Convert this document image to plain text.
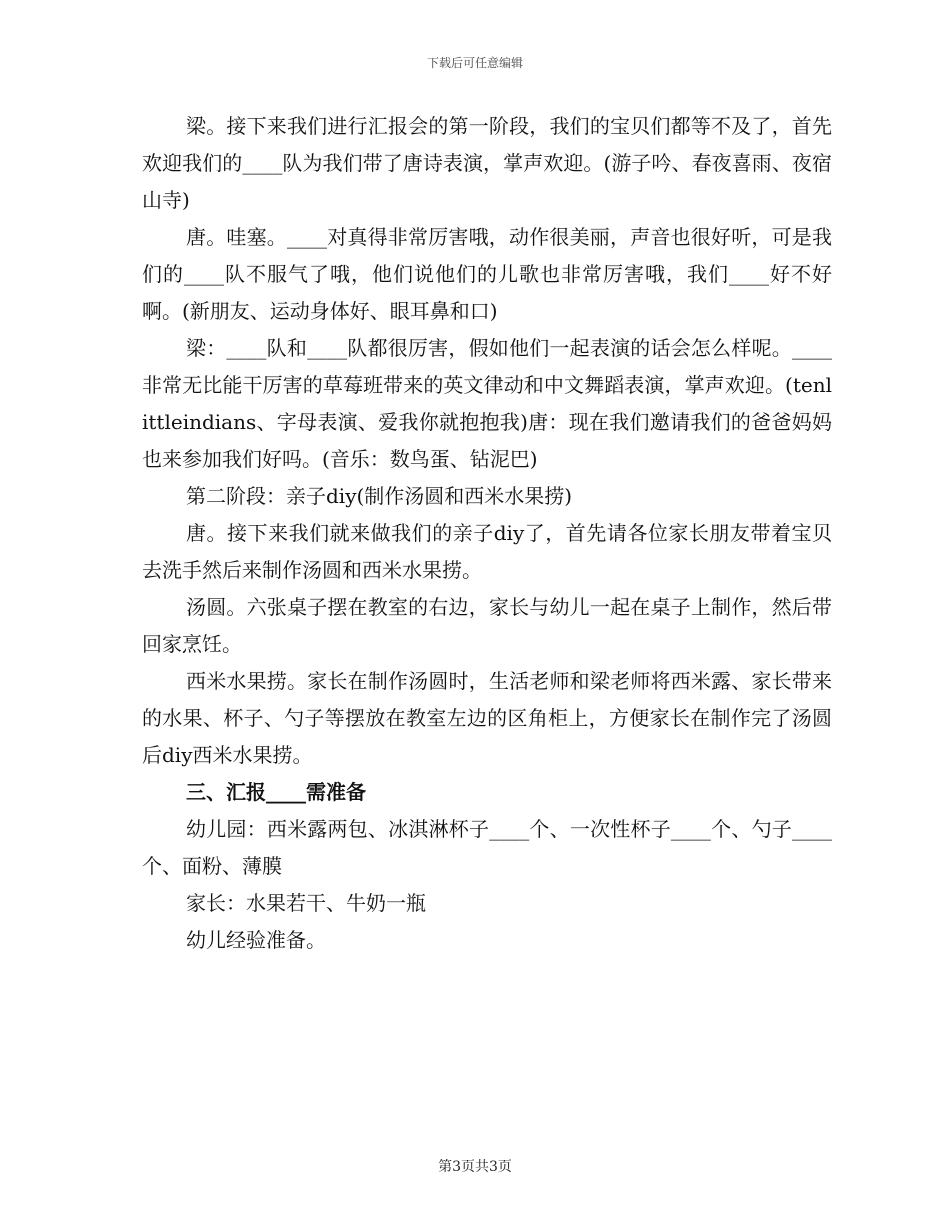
下载后可任意编辑

梁。接下来我们进行汇报会的第一阶段，我们的宝贝们都等不及了，首先欢迎我们的____队为我们带了唐诗表演，掌声欢迎。(游子吟、春夜喜雨、夜宿山寺)

唐。哇塞。____对真得非常厉害哦，动作很美丽，声音也很好听，可是我们的____队不服气了哦，他们说他们的儿歌也非常厉害哦，我们____好不好啊。(新朋友、运动身体好、眼耳鼻和口)

梁：____队和____队都很厉害，假如他们一起表演的话会怎么样呢。____非常无比能干厉害的草莓班带来的英文律动和中文舞蹈表演，掌声欢迎。(tenlittleindians、字母表演、爱我你就抱抱我)唐：现在我们邀请我们的爸爸妈妈也来参加我们好吗。(音乐：数鸟蛋、钻泥巴)

第二阶段：亲子diy(制作汤圆和西米水果捞)

唐。接下来我们就来做我们的亲子diy了，首先请各位家长朋友带着宝贝去洗手然后来制作汤圆和西米水果捞。

汤圆。六张桌子摆在教室的右边，家长与幼儿一起在桌子上制作，然后带回家烹饪。

西米水果捞。家长在制作汤圆时，生活老师和梁老师将西米露、家长带来的水果、杯子、勺子等摆放在教室左边的区角柜上，方便家长在制作完了汤圆后diy西米水果捞。

三、汇报____需准备

幼儿园：西米露两包、冰淇淋杯子____个、一次性杯子____个、勺子____个、面粉、薄膜

家长：水果若干、牛奶一瓶

幼儿经验准备。

第3页共3页
